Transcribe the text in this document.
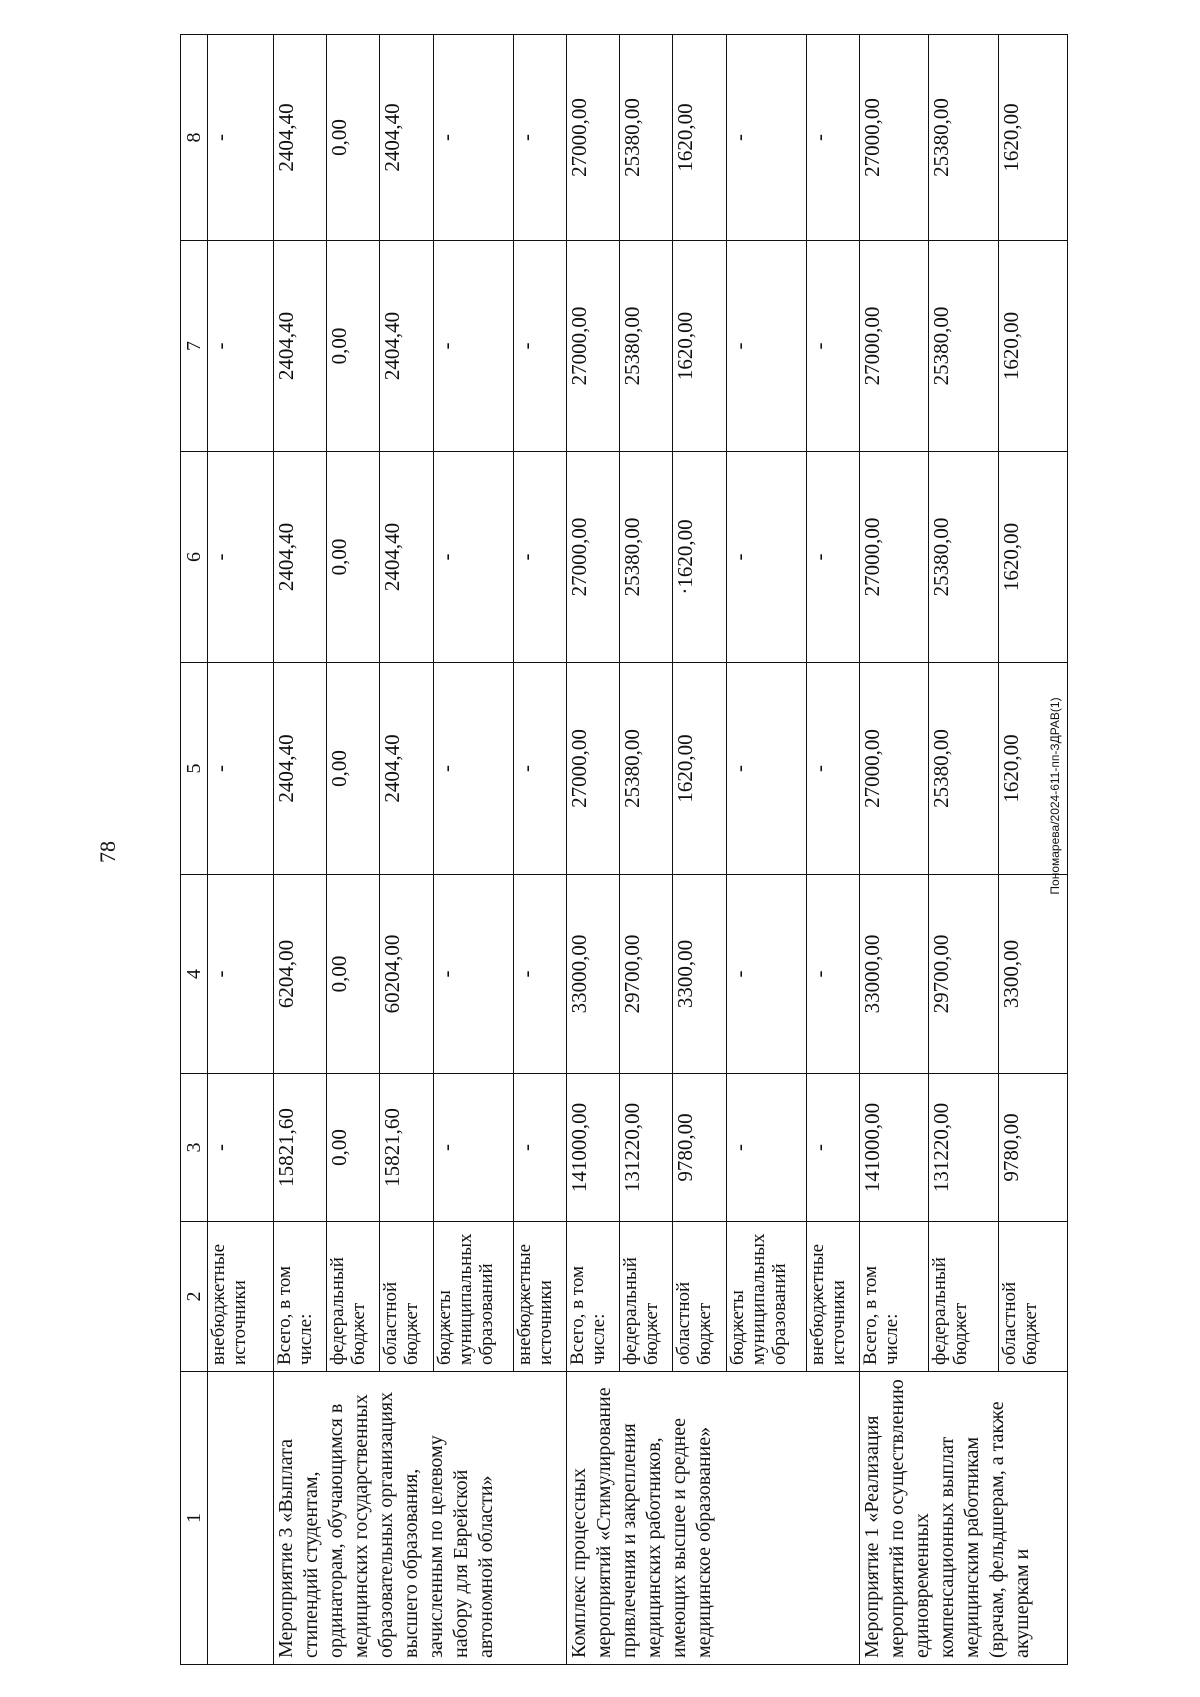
78
1	2	3	4	5	6	7	8
	внебюджетные источники	-	-	-	-	-	-
Мероприятие 3 «Выплата стипендий студентам, ординаторам, обучающимся в медицинских государственных образовательных организациях высшего образования, зачисленным по целевому набору для Еврейской автономной области»	Всего, в том числе:	15821,60	6204,00	2404,40	2404,40	2404,40	2404,40
	федеральный бюджет	0,00	0,00	0,00	0,00	0,00	0,00
	областной бюджет	15821,60	60204,00	2404,40	2404,40	2404,40	2404,40
	бюджеты муниципальных образований	-	-	-	-	-	-
	внебюджетные источники	-	-	-	-	-	-
Комплекс процессных мероприятий «Стимулирование привлечения и закрепления медицинских работников, имеющих высшее и среднее медицинское образование»	Всего, в том числе:	141000,00	33000,00	27000,00	27000,00	27000,00	27000,00
	федеральный бюджет	131220,00	29700,00	25380,00	25380,00	25380,00	25380,00
	областной бюджет	9780,00	3300,00	1620,00	·1620,00	1620,00	1620,00
	бюджеты муниципальных образований	-	-	-	-	-	-
	внебюджетные источники	-	-	-	-	-	-
Мероприятие 1 «Реализация мероприятий по осуществлению единовременных компенсационных выплат медицинским работникам (врачам, фельдшерам, а также акушеркам и	Всего, в том числе:	141000,00	33000,00	27000,00	27000,00	27000,00	27000,00
	федеральный бюджет	131220,00	29700,00	25380,00	25380,00	25380,00	25380,00
	областной бюджет	9780,00	3300,00	1620,00	1620,00	1620,00	1620,00
Пономарева/2024-611-пп-ЗДРАВ(1)
